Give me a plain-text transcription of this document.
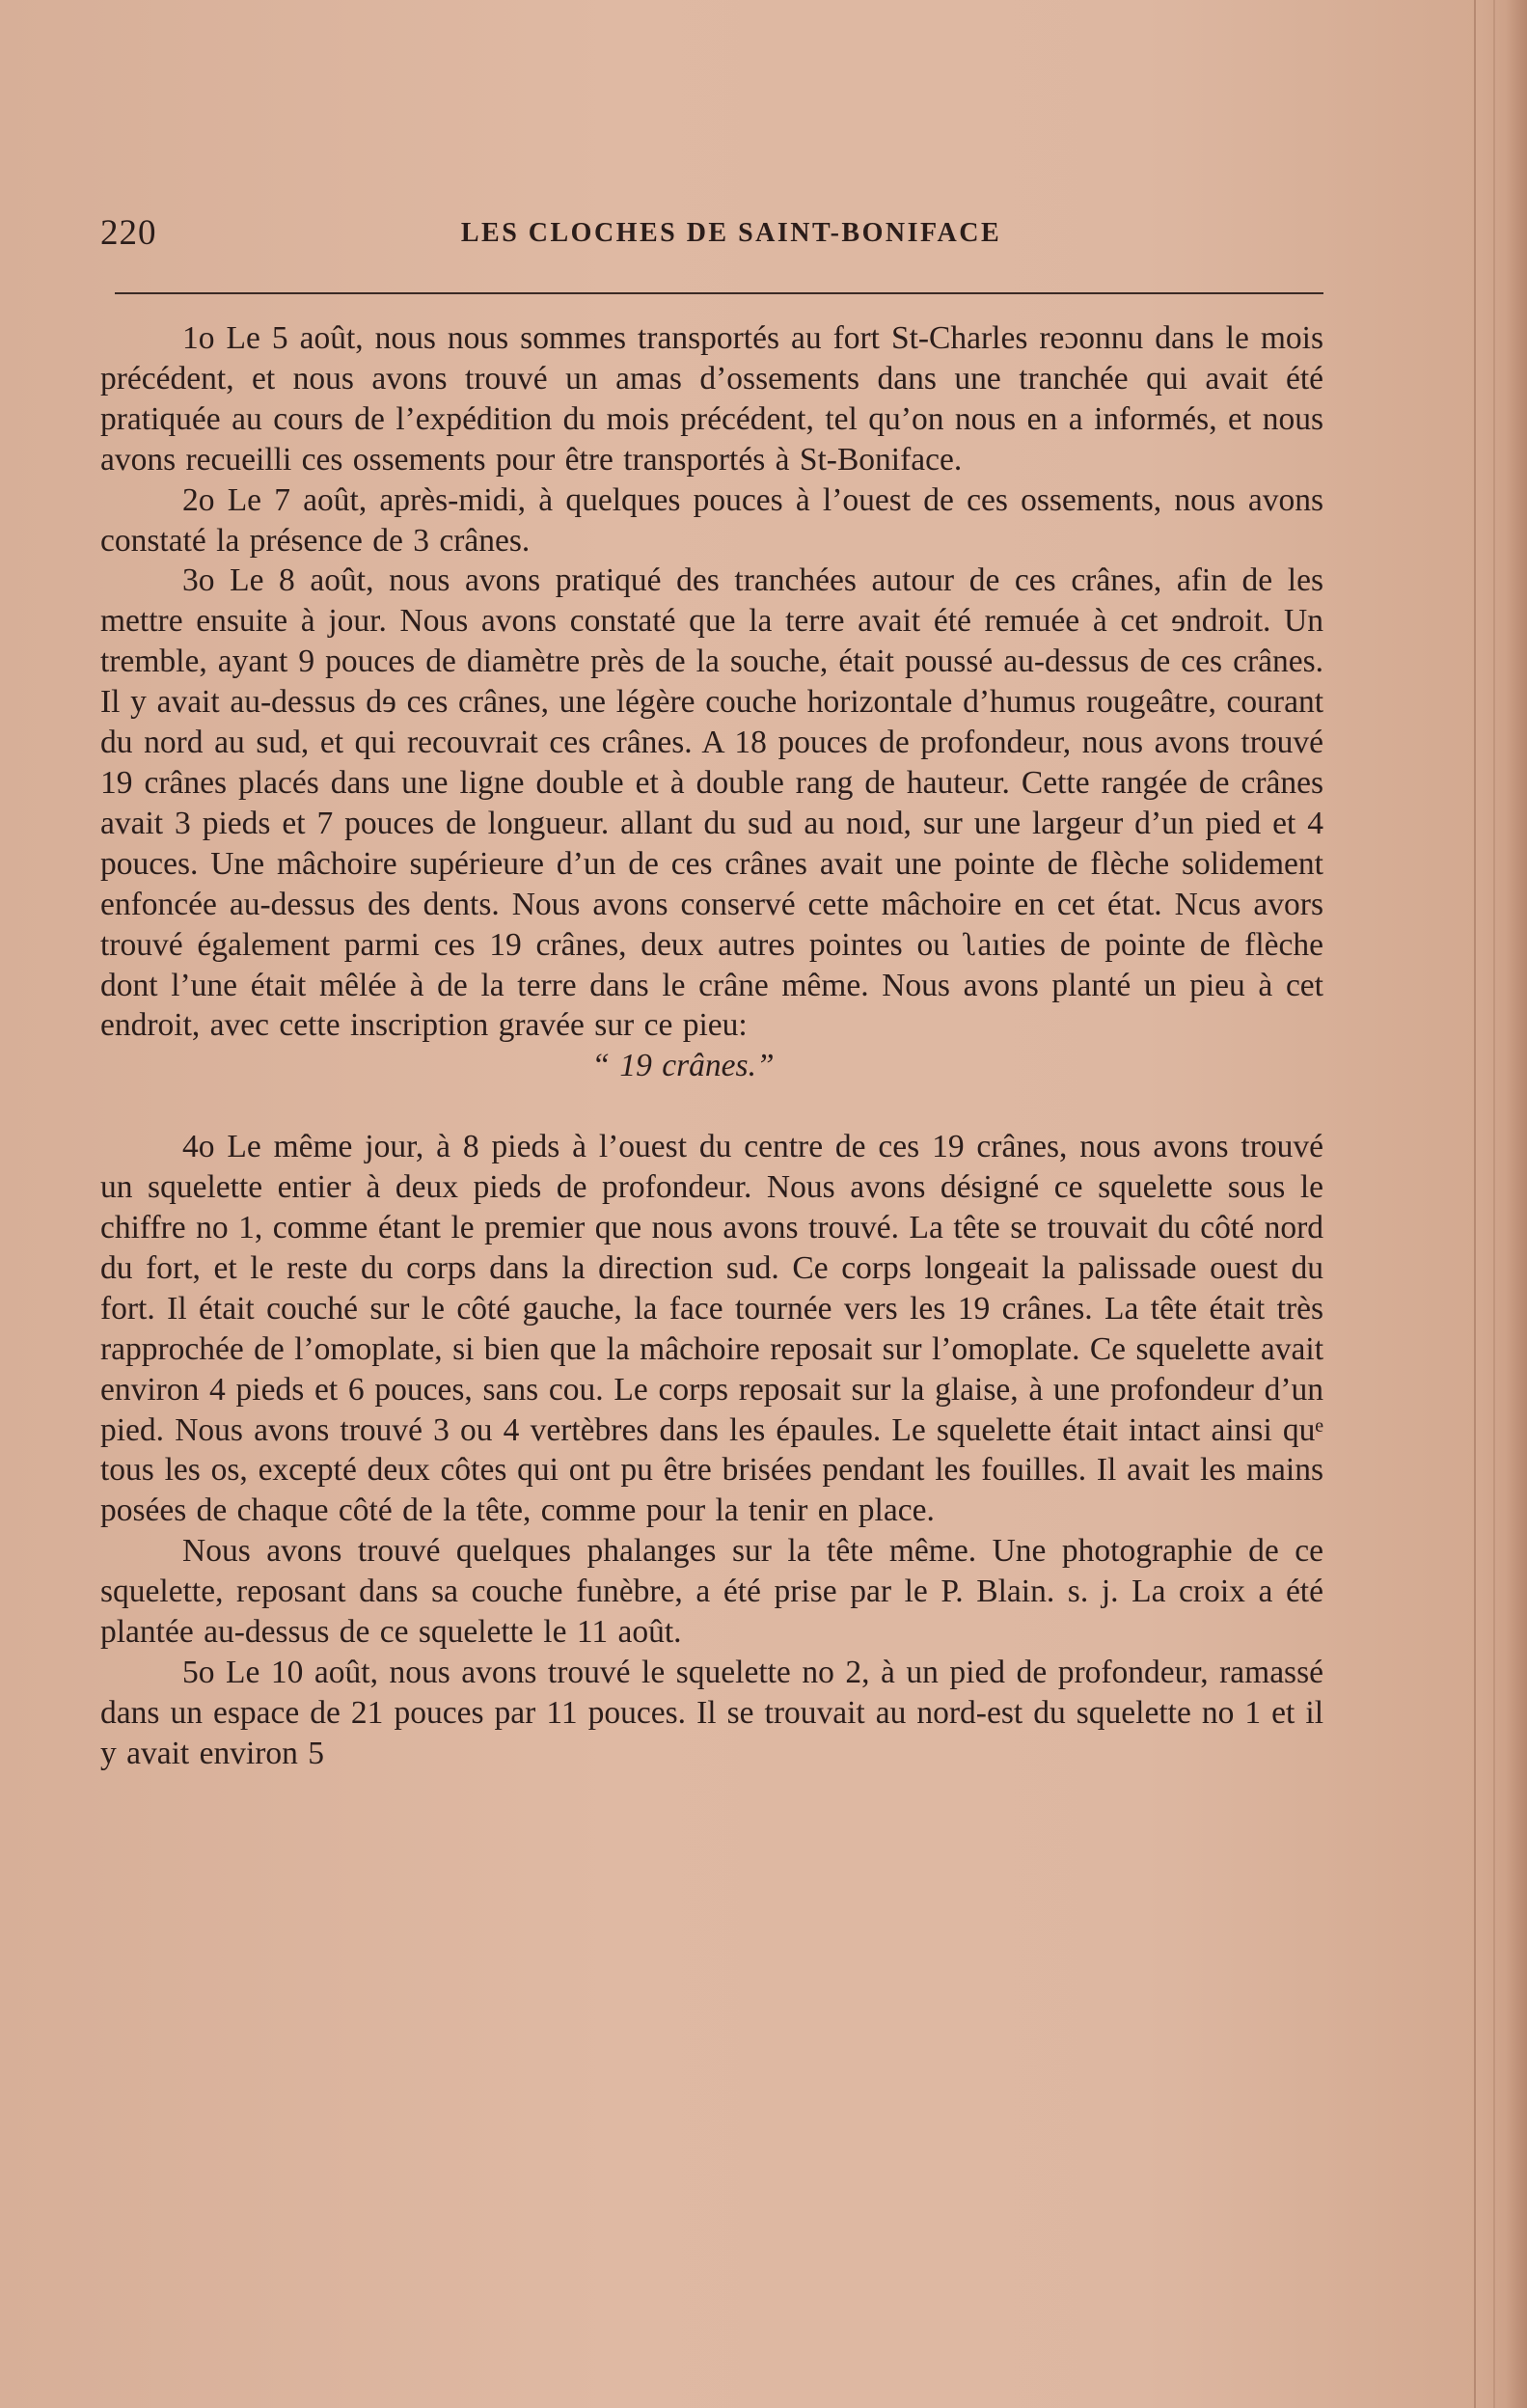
220	LES CLOCHES DE SAINT-BONIFACE

1o Le 5 août, nous nous sommes transportés au fort St-Charles reɔonnu dans le mois précédent, et nous avons trouvé un amas d’ossements dans une tranchée qui avait été pratiquée au cours de l’expédition du mois précédent, tel qu’on nous en a informés, et nous avons recueilli ces ossements pour être transportés à St-Boniface.

2o Le 7 août, après-midi, à quelques pouces à l’ouest de ces ossements, nous avons constaté la présence de 3 crânes.

3o Le 8 août, nous avons pratiqué des tranchées autour de ces crânes, afin de les mettre ensuite à jour. Nous avons constaté que la terre avait été remuée à cet ɘndroit. Un tremble, ayant 9 pouces de diamètre près de la souche, était poussé au-dessus de ces crânes. Il y avait au-dessus dɘ ces crânes, une légère couche horizontale d’humus rougeâtre, courant du nord au sud, et qui recouvrait ces crânes. A 18 pouces de profondeur, nous avons trouvé 19 crânes placés dans une ligne double et à double rang de hauteur. Cette rangée de crânes avait 3 pieds et 7 pouces de longueur. allant du sud au noıd, sur une largeur d’un pied et 4 pouces. Une mâchoire supérieure d’un de ces crânes avait une pointe de flèche solidement enfoncée au-dessus des dents. Nous avons conservé cette mâchoire en cet état. Ncus avors trouvé également parmi ces 19 crânes, deux autres pointes ou ʅaıties de pointe de flèche dont l’une était mêlée à de la terre dans le crâne même. Nous avons planté un pieu à cet endroit, avec cette inscription gravée sur ce pieu:

“ 19 crânes.”

4o Le même jour, à 8 pieds à l’ouest du centre de ces 19 crânes, nous avons trouvé un squelette entier à deux pieds de profondeur. Nous avons désigné ce squelette sous le chiffre no 1, comme étant le premier que nous avons trouvé. La tête se trouvait du côté nord du fort, et le reste du corps dans la direction sud. Ce corps longeait la palissade ouest du fort. Il était couché sur le côté gauche, la face tournée vers les 19 crânes. La tête était très rapprochée de l’omoplate, si bien que la mâchoire reposait sur l’omoplate. Ce squelette avait environ 4 pieds et 6 pouces, sans cou. Le corps reposait sur la glaise, à une profondeur d’un pied. Nous avons trouvé 3 ou 4 vertèbres dans les épaules. Le squelette était intact ainsi quᵉ tous les os, excepté deux côtes qui ont pu être brisées pendant les fouilles. Il avait les mains posées de chaque côté de la tête, comme pour la tenir en place.

Nous avons trouvé quelques phalanges sur la tête même. Une photographie de ce squelette, reposant dans sa couche funèbre, a été prise par le P. Blain. s. j. La croix a été plantée au-dessus de ce squelette le 11 août.

5o Le 10 août, nous avons trouvé le squelette no 2, à un pied de profondeur, ramassé dans un espace de 21 pouces par 11 pouces. Il se trouvait au nord-est du squelette no 1 et il y avait environ 5
